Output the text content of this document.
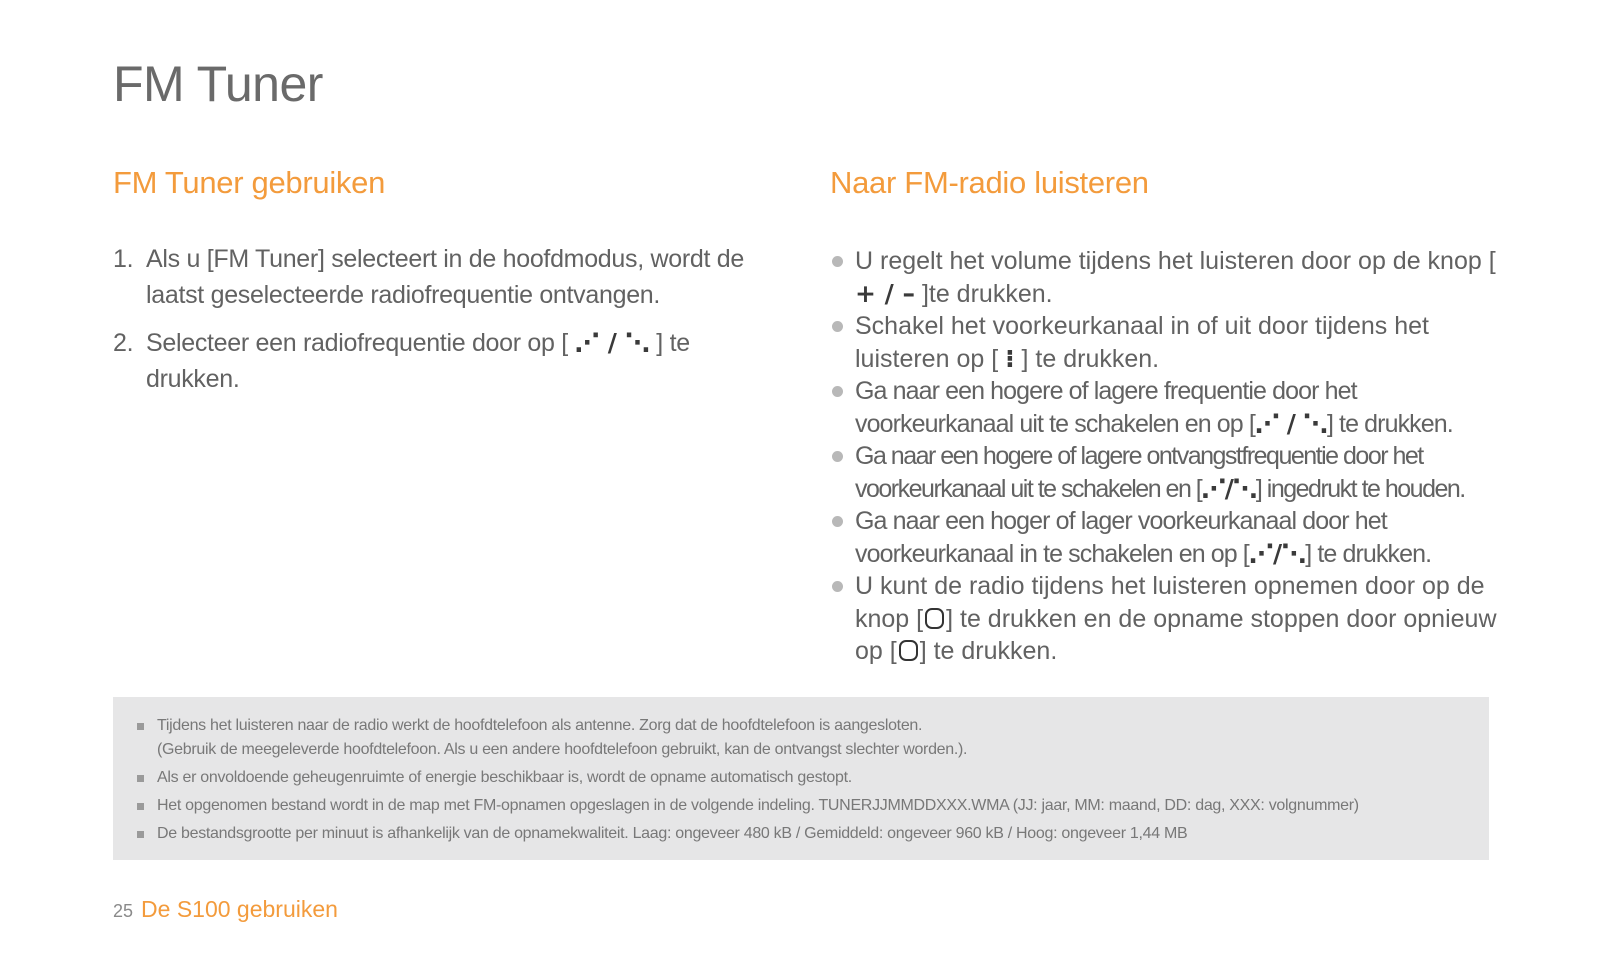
FM Tuner
FM Tuner gebruiken	Naar FM-radio luisteren
1. Als u [FM Tuner] selecteert in de hoofdmodus, wordt de laatst geselecteerde radiofrequentie ontvangen.
2. Selecteer een radiofrequentie door op [ ⋰ / ⋱ ] te drukken.
U regelt het volume tijdens het luisteren door op de knop [ + / – ]te drukken.
Schakel het voorkeurkanaal in of uit door tijdens het luisteren op [ ⁝ ] te drukken.
Ga naar een hogere of lagere frequentie door het voorkeurkanaal uit te schakelen en op [⋰ / ⋱] te drukken.
Ga naar een hogere of lagere ontvangstfrequentie door het voorkeurkanaal uit te schakelen en [⋰/⋱] ingedrukt te houden.
Ga naar een hoger of lager voorkeurkanaal door het voorkeurkanaal in te schakelen en op [⋰/⋱] te drukken.
U kunt de radio tijdens het luisteren opnemen door op de knop [ ] te drukken en de opname stoppen door opnieuw op [ ] te drukken.
Tijdens het luisteren naar de radio werkt de hoofdtelefoon als antenne. Zorg dat de hoofdtelefoon is aangesloten.
(Gebruik de meegeleverde hoofdtelefoon. Als u een andere hoofdtelefoon gebruikt, kan de ontvangst slechter worden.).
Als er onvoldoende geheugenruimte of energie beschikbaar is, wordt de opname automatisch gestopt.
Het opgenomen bestand wordt in de map met FM-opnamen opgeslagen in de volgende indeling. TUNERJJMMDDXXX.WMA (JJ: jaar, MM: maand, DD: dag, XXX: volgnummer)
De bestandsgrootte per minuut is afhankelijk van de opnamekwaliteit. Laag: ongeveer 480 kB / Gemiddeld: ongeveer 960 kB / Hoog: ongeveer 1,44 MB
25 De S100 gebruiken
